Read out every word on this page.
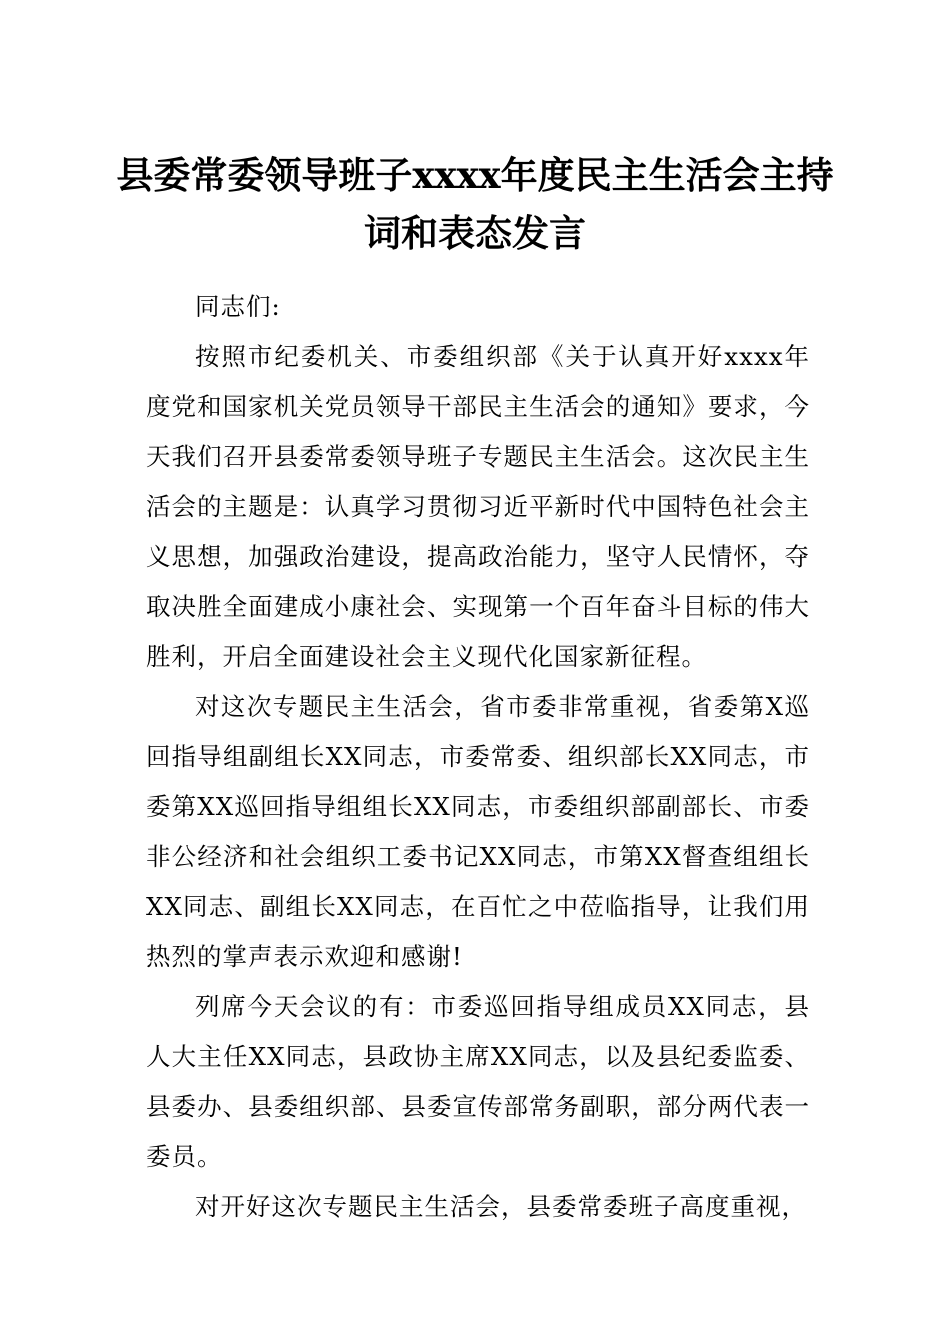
县委常委领导班子xxxx年度民主生活会主持词和表态发言

同志们:

按照市纪委机关、市委组织部《关于认真开好xxxx年度党和国家机关党员领导干部民主生活会的通知》要求，今天我们召开县委常委领导班子专题民主生活会。这次民主生活会的主题是：认真学习贯彻习近平新时代中国特色社会主义思想，加强政治建设，提高政治能力，坚守人民情怀，夺取决胜全面建成小康社会、实现第一个百年奋斗目标的伟大胜利，开启全面建设社会主义现代化国家新征程。

对这次专题民主生活会，省市委非常重视，省委第X巡回指导组副组长XX同志，市委常委、组织部长XX同志，市委第XX巡回指导组组长XX同志，市委组织部副部长、市委非公经济和社会组织工委书记XX同志，市第XX督查组组长XX同志、副组长XX同志，在百忙之中莅临指导，让我们用热烈的掌声表示欢迎和感谢!

列席今天会议的有：市委巡回指导组成员XX同志，县人大主任XX同志，县政协主席XX同志，以及县纪委监委、县委办、县委组织部、县委宣传部常务副职，部分两代表一委员。

对开好这次专题民主生活会，县委常委班子高度重视，
